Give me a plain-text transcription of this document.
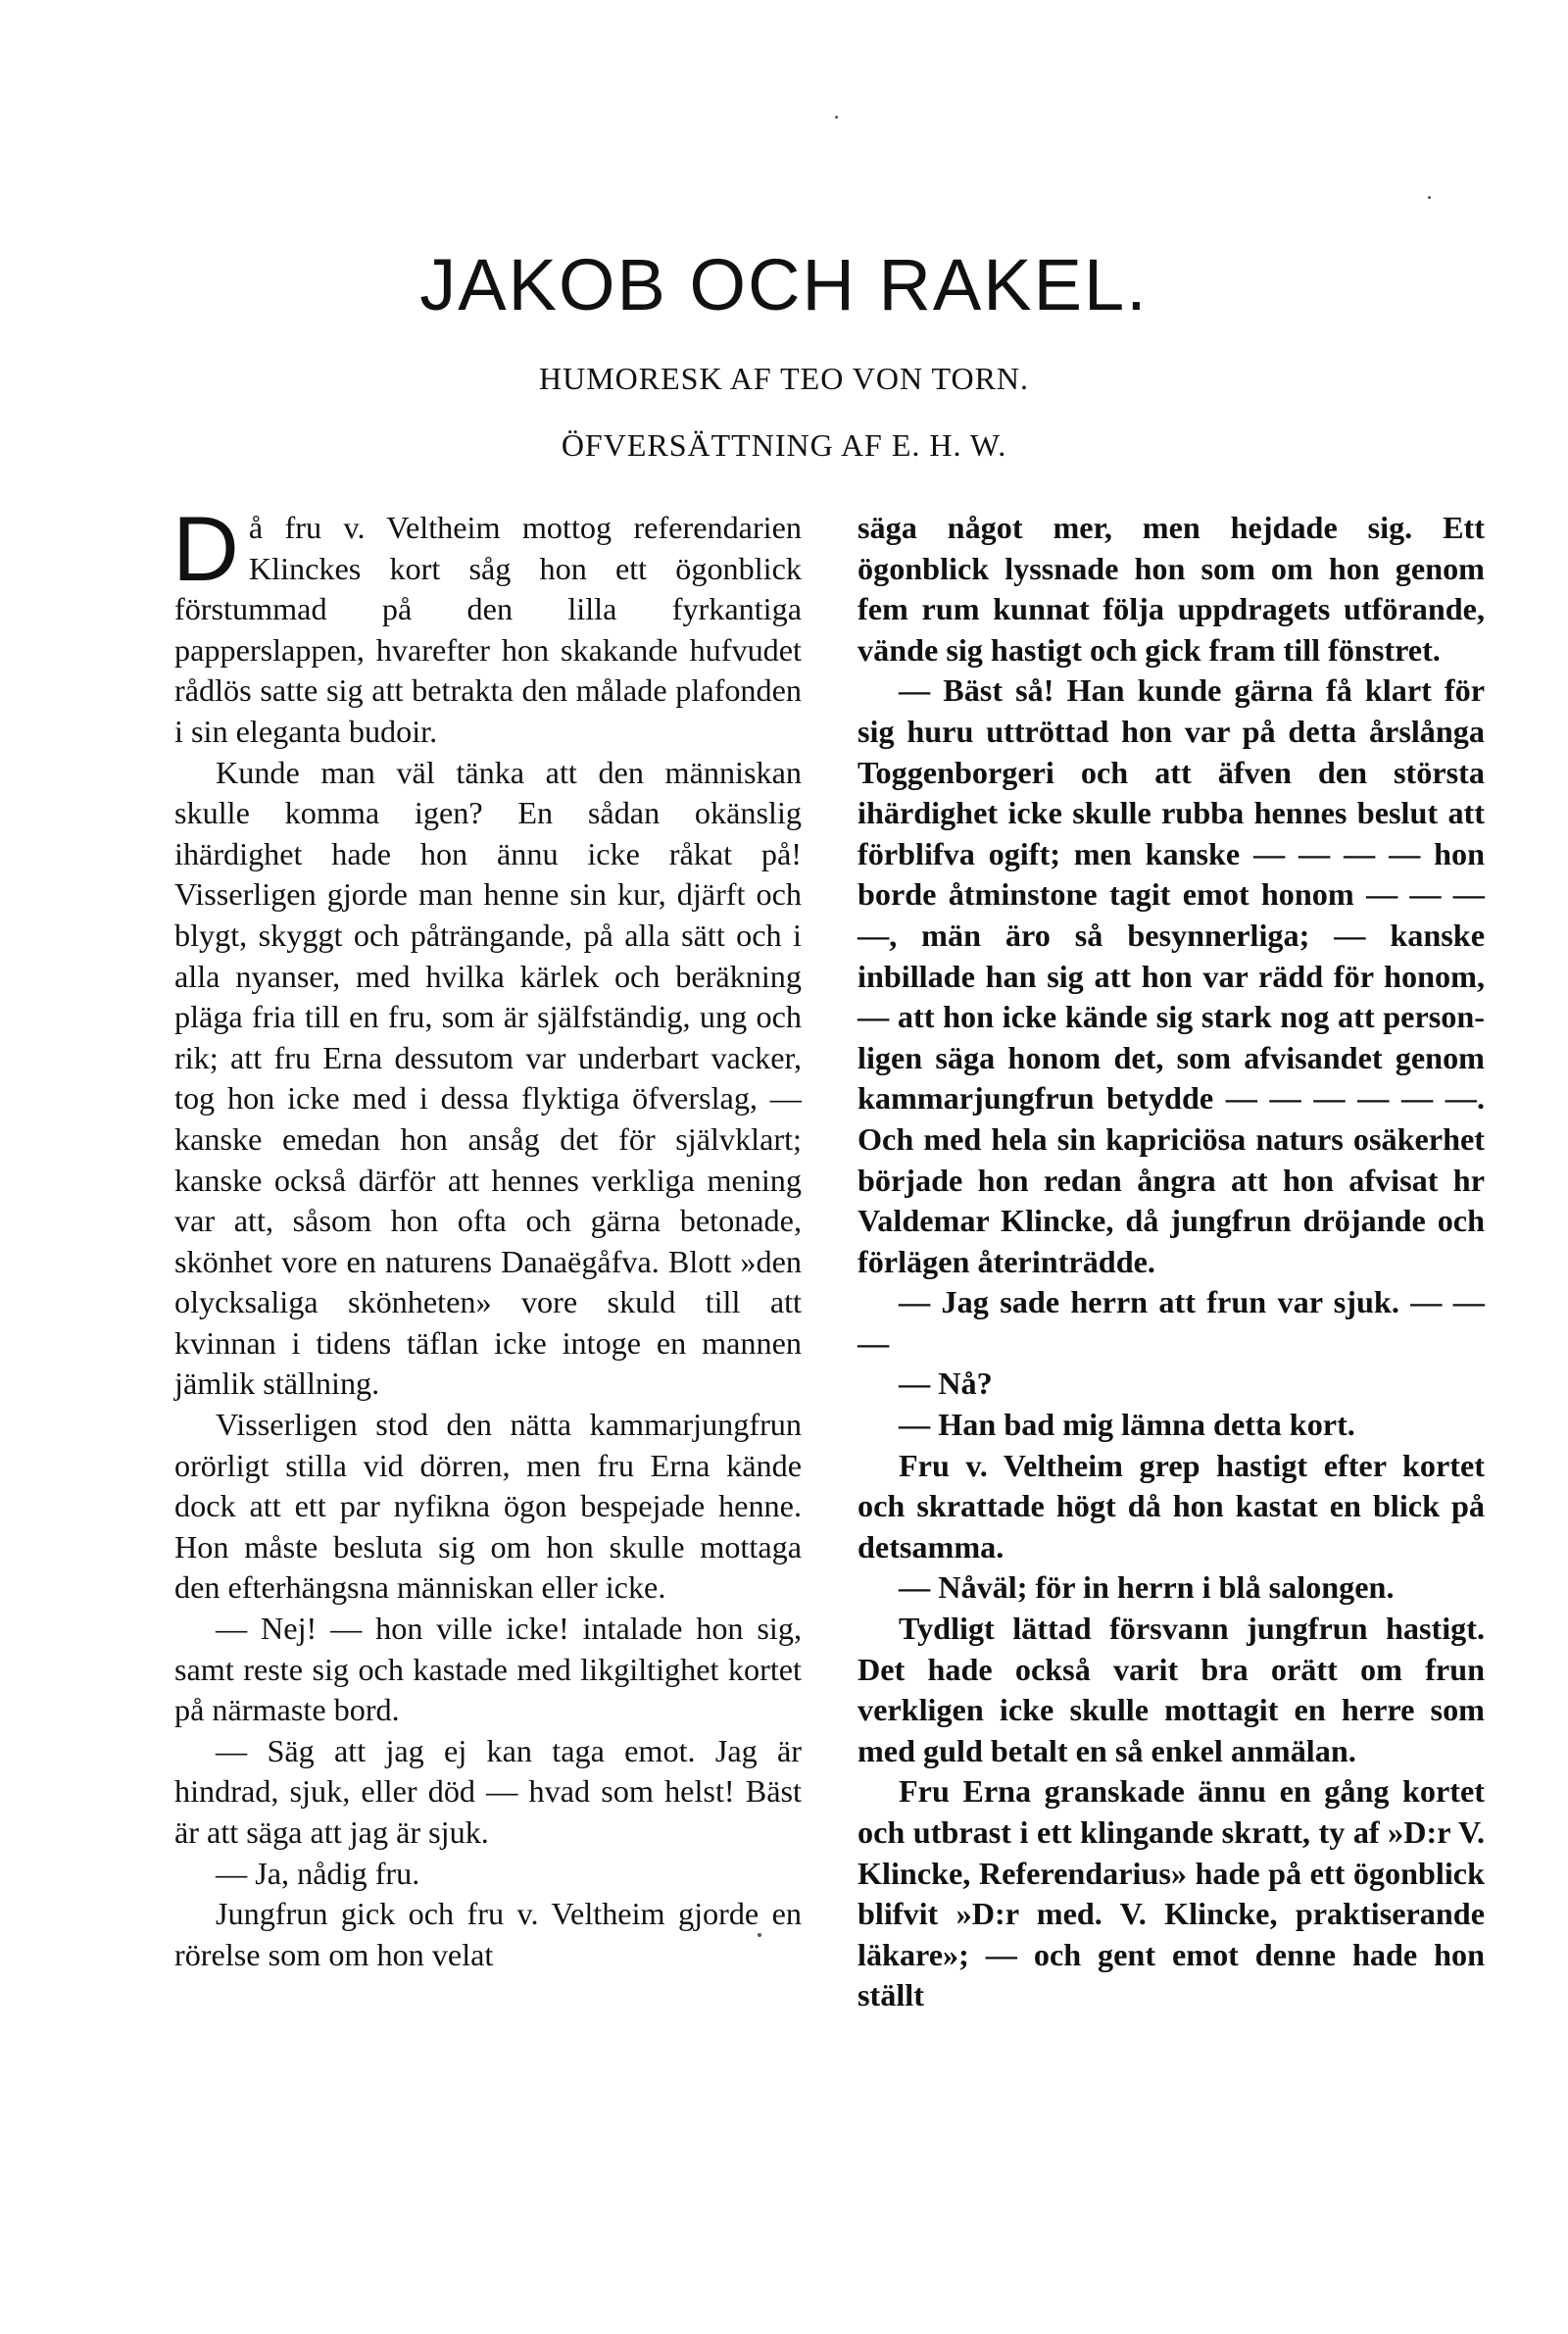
JAKOB OCH RAKEL.

HUMORESK AF TEO VON TORN.

ÖFVERSÄTTNING AF E. H. W.

Då fru v. Veltheim mottog referendarien Klinckes kort såg hon ett ögonblick förstummad på den lilla fyrkantiga papperslappen, hvarefter hon skakande hufvudet rådlös satte sig att betrakta den målade plafonden i sin eleganta budoir.

Kunde man väl tänka att den människan skulle komma igen? En sådan okänslig ihärdighet hade hon ännu icke råkat på! Visserligen gjorde man henne sin kur, djärft och blygt, skyggt och påträngande, på alla sätt och i alla nyanser, med hvilka kärlek och beräkning pläga fria till en fru, som är själfständig, ung och rik; att fru Erna dessutom var underbart vacker, tog hon icke med i dessa flyktiga öfverslag, — kanske emedan hon ansåg det för självklart; kanske också därför att hennes verkliga mening var att, såsom hon ofta och gärna betonade, skönhet vore en naturens Danaëgåfva. Blott »den olycksaliga skönheten» vore skuld till att kvinnan i tidens täflan icke intoge en mannen jämlik ställning.

Visserligen stod den nätta kammarjungfrun orörligt stilla vid dörren, men fru Erna kände dock att ett par nyfikna ögon bespejade henne. Hon måste besluta sig om hon skulle mottaga den efterhängsna människan eller icke.

— Nej! — hon ville icke! intalade hon sig, samt reste sig och kastade med likgiltighet kortet på närmaste bord.

— Säg att jag ej kan taga emot. Jag är hindrad, sjuk, eller död — hvad som helst! Bäst är att säga att jag är sjuk.

— Ja, nådig fru.

Jungfrun gick och fru v. Veltheim gjorde en rörelse som om hon velat

säga något mer, men hejdade sig. Ett ögonblick lyssnade hon som om hon genom fem rum kunnat följa uppdragets utförande, vände sig hastigt och gick fram till fönstret.

— Bäst så! Han kunde gärna få klart för sig huru uttröttad hon var på detta årslånga Toggenborgeri och att äfven den största ihärdighet icke skulle rubba hennes beslut att förblifva ogift; men kanske — — — — hon borde åtminstone tagit emot honom — — — —, män äro så besynnerliga; — kanske inbillade han sig att hon var rädd för honom, — att hon icke kände sig stark nog att personligen säga honom det, som afvisandet genom kammarjungfrun betydde — — — — — —. Och med hela sin kapriciösa naturs osäkerhet började hon redan ångra att hon afvisat hr Valdemar Klincke, då jungfrun dröjande och förlägen återinträdde.

— Jag sade herrn att frun var sjuk. — — —

— Nå?

— Han bad mig lämna detta kort.

Fru v. Veltheim grep hastigt efter kortet och skrattade högt då hon kastat en blick på detsamma.

— Nåväl; för in herrn i blå salongen.

Tydligt lättad försvann jungfrun hastigt. Det hade också varit bra orätt om frun verkligen icke skulle mottagit en herre som med guld betalt en så enkel anmälan.

Fru Erna granskade ännu en gång kortet och utbrast i ett klingande skratt, ty af »D:r V. Klincke, Referendarius» hade på ett ögonblick blifvit »D:r med. V. Klincke, praktiserande läkare»; — och gent emot denne hade hon ställt
